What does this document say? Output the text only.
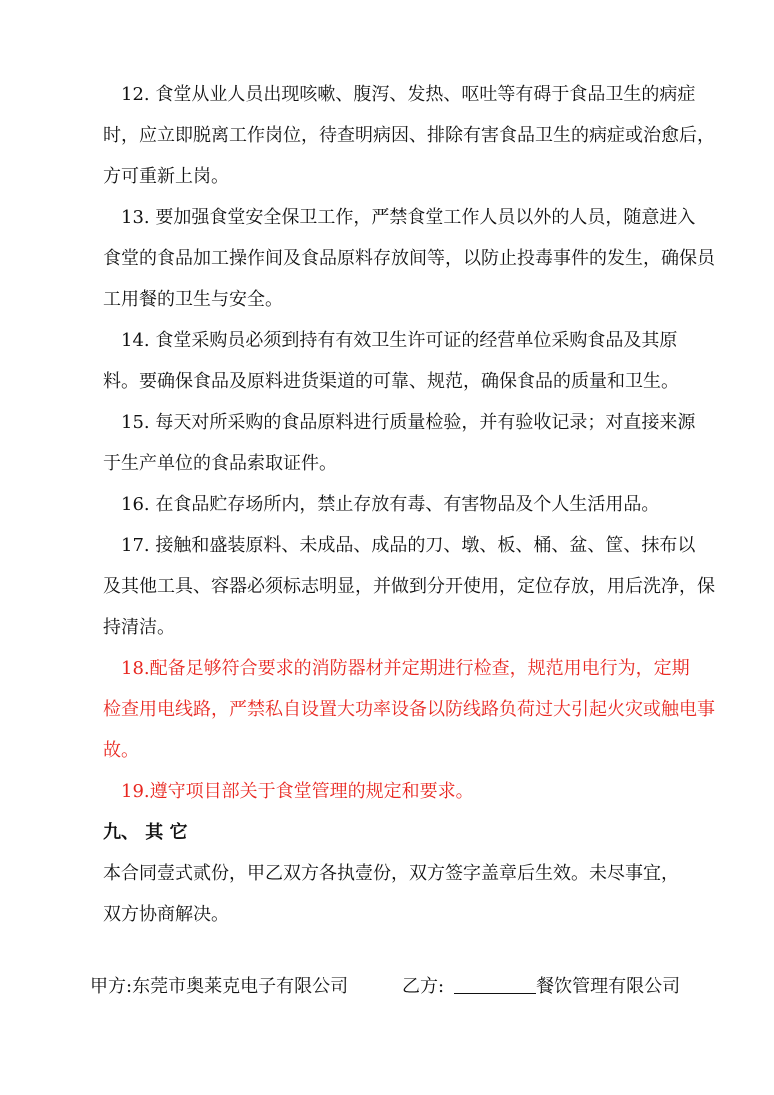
12. 食堂从业人员出现咳嗽、腹泻、发热、呕吐等有碍于食品卫生的病症
时，应立即脱离工作岗位，待查明病因、排除有害食品卫生的病症或治愈后，
方可重新上岗。
13. 要加强食堂安全保卫工作，严禁食堂工作人员以外的人员，随意进入
食堂的食品加工操作间及食品原料存放间等，以防止投毒事件的发生，确保员
工用餐的卫生与安全。
14. 食堂采购员必须到持有有效卫生许可证的经营单位采购食品及其原
料。要确保食品及原料进货渠道的可靠、规范，确保食品的质量和卫生。
15. 每天对所采购的食品原料进行质量检验，并有验收记录；对直接来源
于生产单位的食品索取证件。
16. 在食品贮存场所内，禁止存放有毒、有害物品及个人生活用品。
17. 接触和盛装原料、未成品、成品的刀、墩、板、桶、盆、筐、抹布以
及其他工具、容器必须标志明显，并做到分开使用，定位存放，用后洗净，保
持清洁。
18.配备足够符合要求的消防器材并定期进行检查，规范用电行为，定期
检查用电线路，严禁私自设置大功率设备以防线路负荷过大引起火灾或触电事
故。
19.遵守项目部关于食堂管理的规定和要求。
九、 其 它
本合同壹式贰份，甲乙双方各执壹份，双方签字盖章后生效。未尽事宜，
双方协商解决。
甲方:东莞市奥莱克电子有限公司	乙方:	餐饮管理有限公司
